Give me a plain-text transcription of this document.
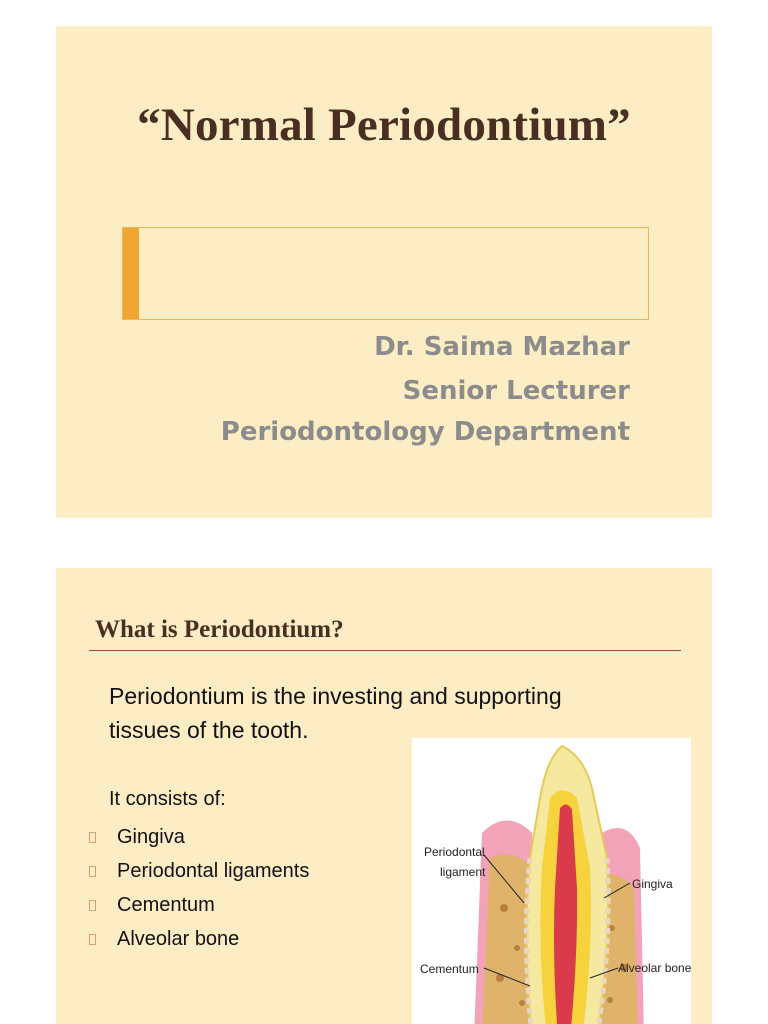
“Normal Periodontium”
Dr. Saima Mazhar
Senior Lecturer
Periodontology Department
What is Periodontium?
Periodontium is the investing and supporting
tissues of the tooth.
It consists of:
Gingiva
Periodontal ligaments
Cementum
Alveolar bone
Periodontal
ligament
Gingiva
Cementum	Alveolar bone
